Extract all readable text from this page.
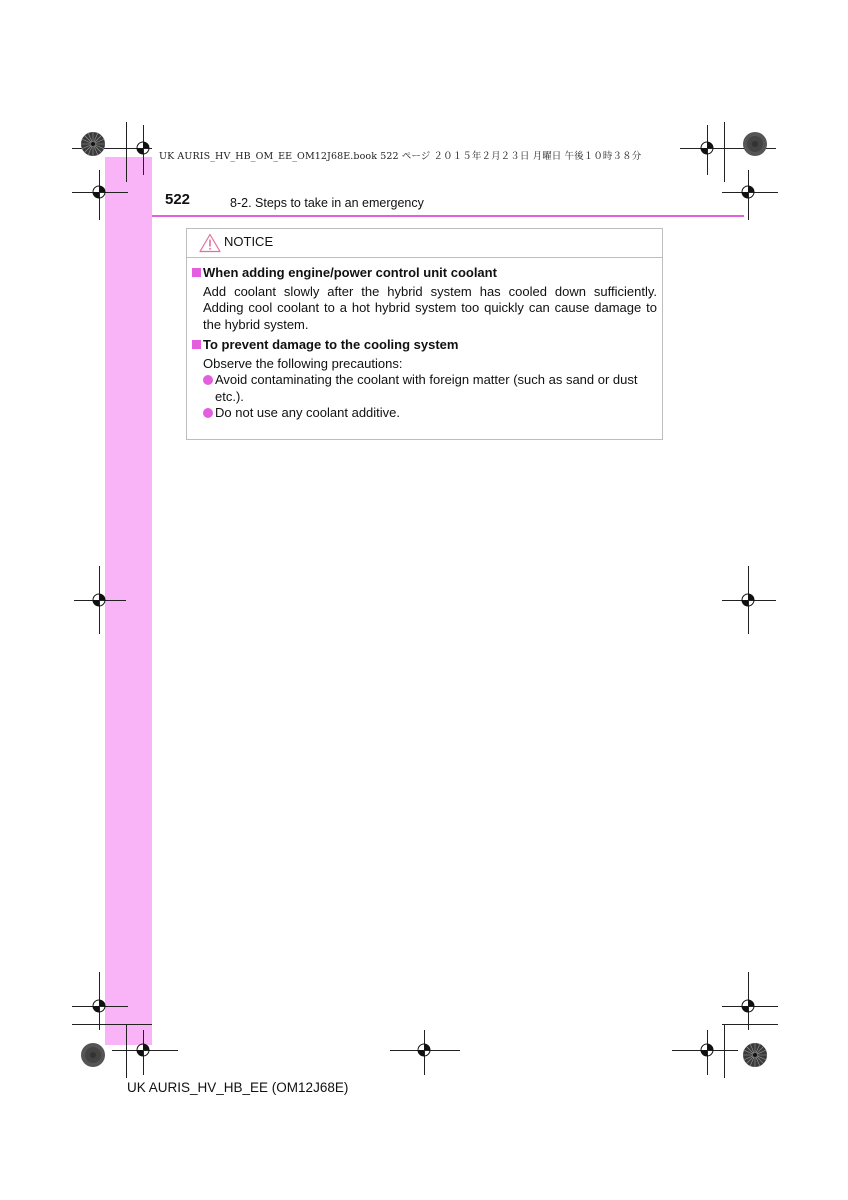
UK AURIS_HV_HB_OM_EE_OM12J68E.book 522 ページ ２０１５年２月２３日 月曜日 午後１０時３８分
522	8-2. Steps to take in an emergency
NOTICE

When adding engine/power control unit coolant

Add coolant slowly after the hybrid system has cooled down sufficiently. Adding cool coolant to a hot hybrid system too quickly can cause damage to the hybrid system.

To prevent damage to the cooling system

Observe the following precautions:

Avoid contaminating the coolant with foreign matter (such as sand or dust etc.).

Do not use any coolant additive.

UK AURIS_HV_HB_EE (OM12J68E)
